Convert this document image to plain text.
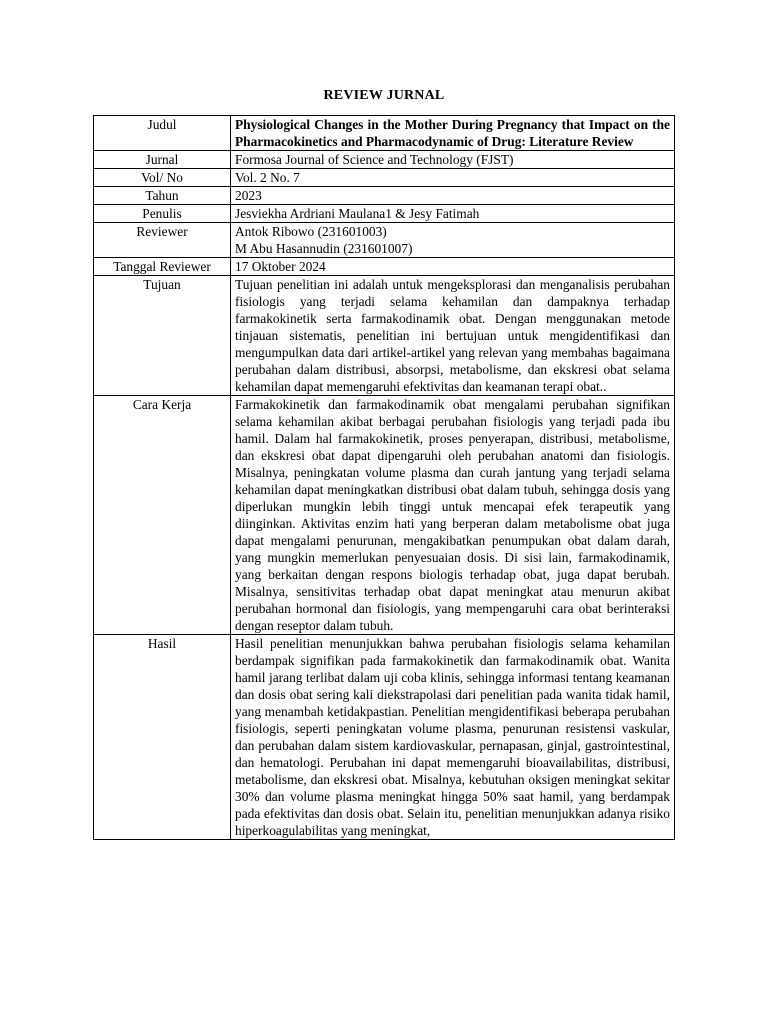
REVIEW JURNAL
Judul	Physiological Changes in the Mother During Pregnancy that Impact on the Pharmacokinetics and Pharmacodynamic of Drug: Literature Review
Jurnal	Formosa Journal of Science and Technology (FJST)
Vol/ No	Vol. 2 No. 7
Tahun	2023
Penulis	Jesviekha Ardriani Maulana1 & Jesy Fatimah
Reviewer	Antok Ribowo (231601003)
M Abu Hasannudin (231601007)

Tanggal Reviewer	17 Oktober 2024
Tujuan	Tujuan penelitian ini adalah untuk mengeksplorasi dan menganalisis perubahan fisiologis yang terjadi selama kehamilan dan dampaknya terhadap farmakokinetik serta farmakodinamik obat. Dengan menggunakan metode tinjauan sistematis, penelitian ini bertujuan untuk mengidentifikasi dan mengumpulkan data dari artikel-artikel yang relevan yang membahas bagaimana perubahan dalam distribusi, absorpsi, metabolisme, dan ekskresi obat selama kehamilan dapat memengaruhi efektivitas dan keamanan terapi obat..
Cara Kerja	Farmakokinetik dan farmakodinamik obat mengalami perubahan signifikan selama kehamilan akibat berbagai perubahan fisiologis yang terjadi pada ibu hamil. Dalam hal farmakokinetik, proses penyerapan, distribusi, metabolisme, dan ekskresi obat dapat dipengaruhi oleh perubahan anatomi dan fisiologis. Misalnya, peningkatan volume plasma dan curah jantung yang terjadi selama kehamilan dapat meningkatkan distribusi obat dalam tubuh, sehingga dosis yang diperlukan mungkin lebih tinggi untuk mencapai efek terapeutik yang diinginkan. Aktivitas enzim hati yang berperan dalam metabolisme obat juga dapat mengalami penurunan, mengakibatkan penumpukan obat dalam darah, yang mungkin memerlukan penyesuaian dosis. Di sisi lain, farmakodinamik, yang berkaitan dengan respons biologis terhadap obat, juga dapat berubah. Misalnya, sensitivitas terhadap obat dapat meningkat atau menurun akibat perubahan hormonal dan fisiologis, yang mempengaruhi cara obat berinteraksi dengan reseptor dalam tubuh.
Hasil	Hasil penelitian menunjukkan bahwa perubahan fisiologis selama kehamilan berdampak signifikan pada farmakokinetik dan farmakodinamik obat. Wanita hamil jarang terlibat dalam uji coba klinis, sehingga informasi tentang keamanan dan dosis obat sering kali diekstrapolasi dari penelitian pada wanita tidak hamil, yang menambah ketidakpastian. Penelitian mengidentifikasi beberapa perubahan fisiologis, seperti peningkatan volume plasma, penurunan resistensi vaskular, dan perubahan dalam sistem kardiovaskular, pernapasan, ginjal, gastrointestinal, dan hematologi. Perubahan ini dapat memengaruhi bioavailabilitas, distribusi, metabolisme, dan ekskresi obat. Misalnya, kebutuhan oksigen meningkat sekitar 30% dan volume plasma meningkat hingga 50% saat hamil, yang berdampak pada efektivitas dan dosis obat. Selain itu, penelitian menunjukkan adanya risiko hiperkoagulabilitas yang meningkat,
